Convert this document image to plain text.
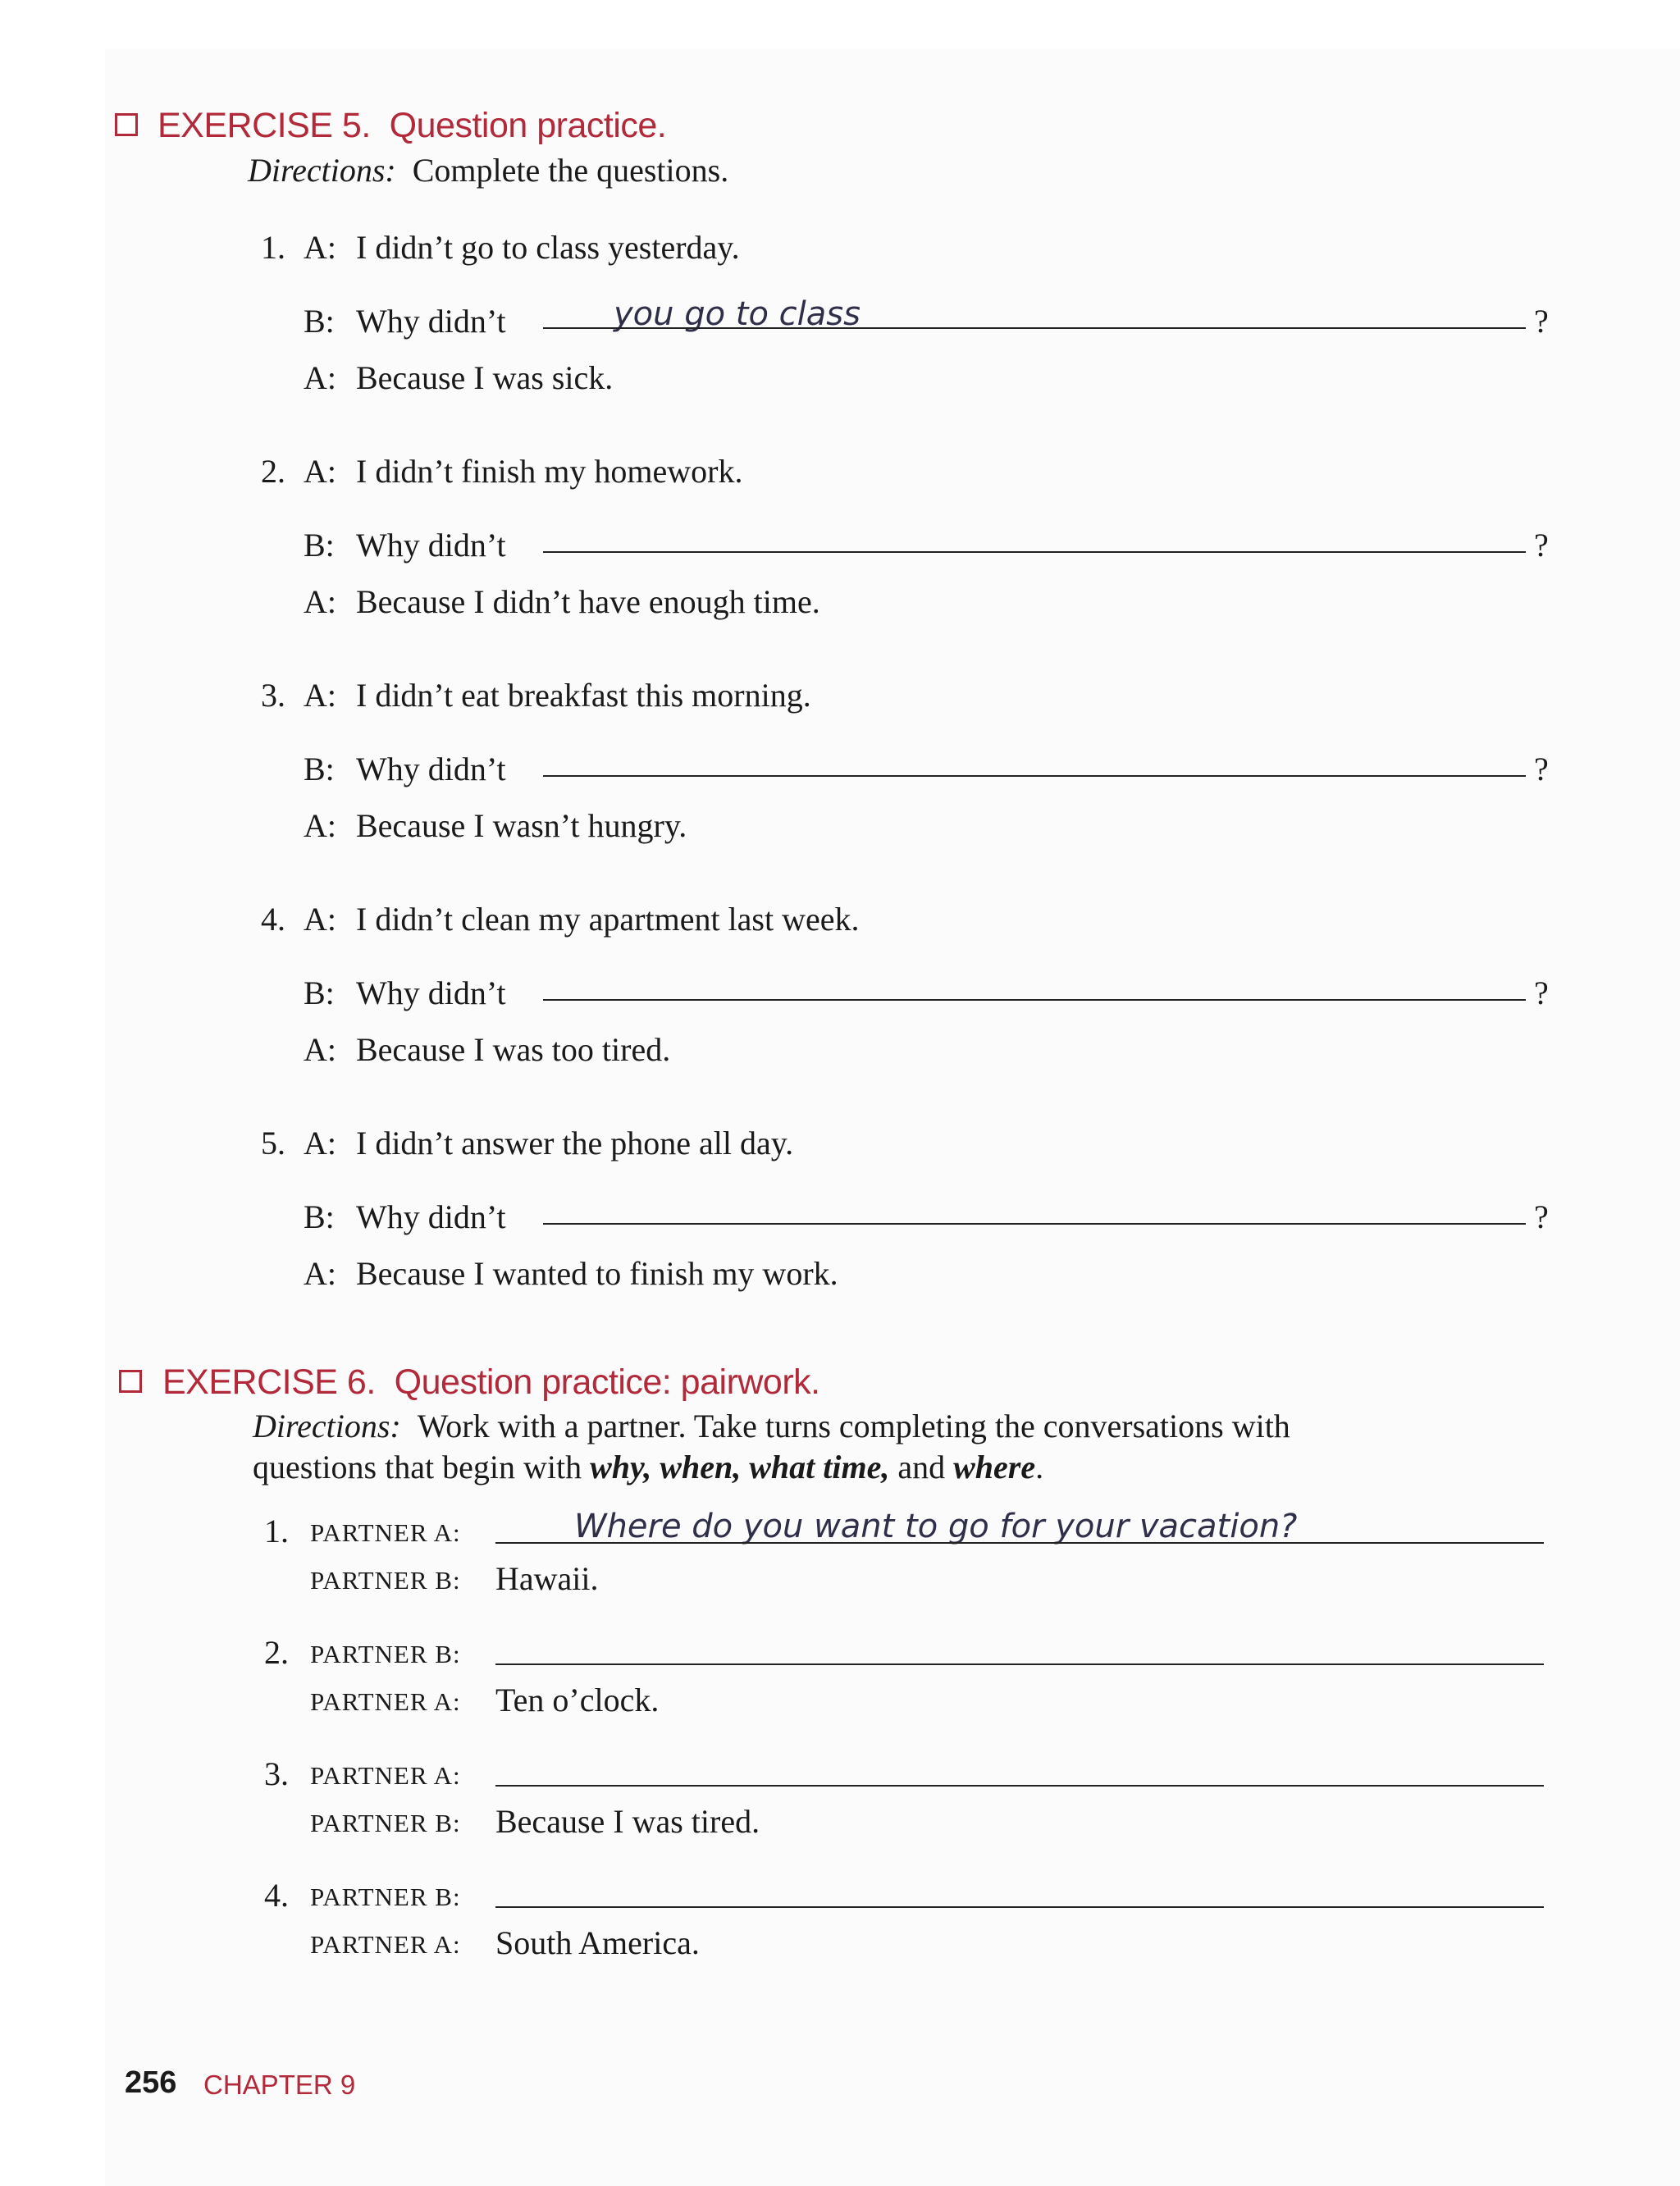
EXERCISE 5. Question practice.
Directions: Complete the questions.
1. A: I didn’t go to class yesterday.
B: Why didn’t	you go to class	?
A: Because I was sick.
2. A: I didn’t finish my homework.
B: Why didn’t	?
A: Because I didn’t have enough time.
3. A: I didn’t eat breakfast this morning.
B: Why didn’t	?
A: Because I wasn’t hungry.
4. A: I didn’t clean my apartment last week.
B: Why didn’t	?
A: Because I was too tired.
5. A: I didn’t answer the phone all day.
B: Why didn’t	?
A: Because I wanted to finish my work.
EXERCISE 6. Question practice: pairwork.
Directions: Work with a partner. Take turns completing the conversations with
questions that begin with why, when, what time, and where.
1. PARTNER A:	Where do you want to go for your vacation?
PARTNER B: Hawaii.
2. PARTNER B:
PARTNER A: Ten o’clock.
3. PARTNER A:
PARTNER B: Because I was tired.
4. PARTNER B:
PARTNER A: South America.
256 CHAPTER 9
